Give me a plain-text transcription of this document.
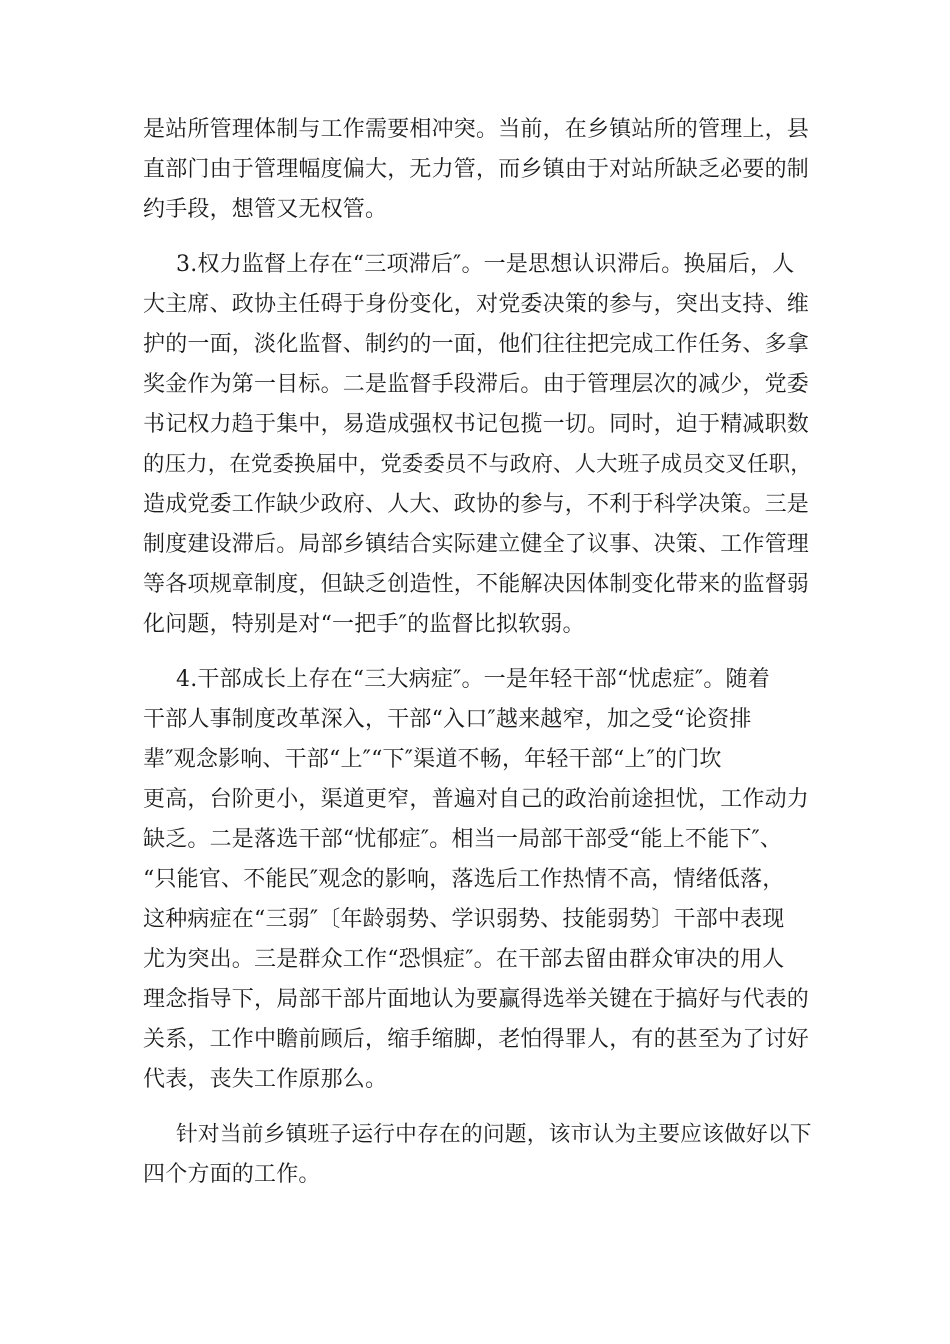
是站所管理体制与工作需要相冲突。当前，在乡镇站所的管理上，县
直部门由于管理幅度偏大，无力管，而乡镇由于对站所缺乏必要的制
约手段，想管又无权管。
3.权力监督上存在“三项滞后″。一是思想认识滞后。换届后，人
大主席、政协主任碍于身份变化，对党委决策的参与，突出支持、维
护的一面，淡化监督、制约的一面，他们往往把完成工作任务、多拿
奖金作为第一目标。二是监督手段滞后。由于管理层次的减少，党委
书记权力趋于集中，易造成强权书记包揽一切。同时，迫于精减职数
的压力，在党委换届中，党委委员不与政府、人大班子成员交叉任职，
造成党委工作缺少政府、人大、政协的参与，不利于科学决策。三是
制度建设滞后。局部乡镇结合实际建立健全了议事、决策、工作管理
等各项规章制度，但缺乏创造性，不能解决因体制变化带来的监督弱
化问题，特别是对“一把手″的监督比拟软弱。
4.干部成长上存在“三大病症″。一是年轻干部“忧虑症″。随着
干部人事制度改革深入，干部“入口″越来越窄，加之受“论资排
辈″观念影响、干部“上″“下″渠道不畅，年轻干部“上″的门坎
更高，台阶更小，渠道更窄，普遍对自己的政治前途担忧，工作动力
缺乏。二是落选干部“忧郁症″。相当一局部干部受“能上不能下″、
“只能官、不能民″观念的影响，落选后工作热情不高，情绪低落，
这种病症在“三弱″〔年龄弱势、学识弱势、技能弱势〕干部中表现
尤为突出。三是群众工作“恐惧症″。在干部去留由群众审决的用人
理念指导下，局部干部片面地认为要赢得选举关键在于搞好与代表的
关系，工作中瞻前顾后，缩手缩脚，老怕得罪人，有的甚至为了讨好
代表，丧失工作原那么。
针对当前乡镇班子运行中存在的问题，该市认为主要应该做好以下
四个方面的工作。
